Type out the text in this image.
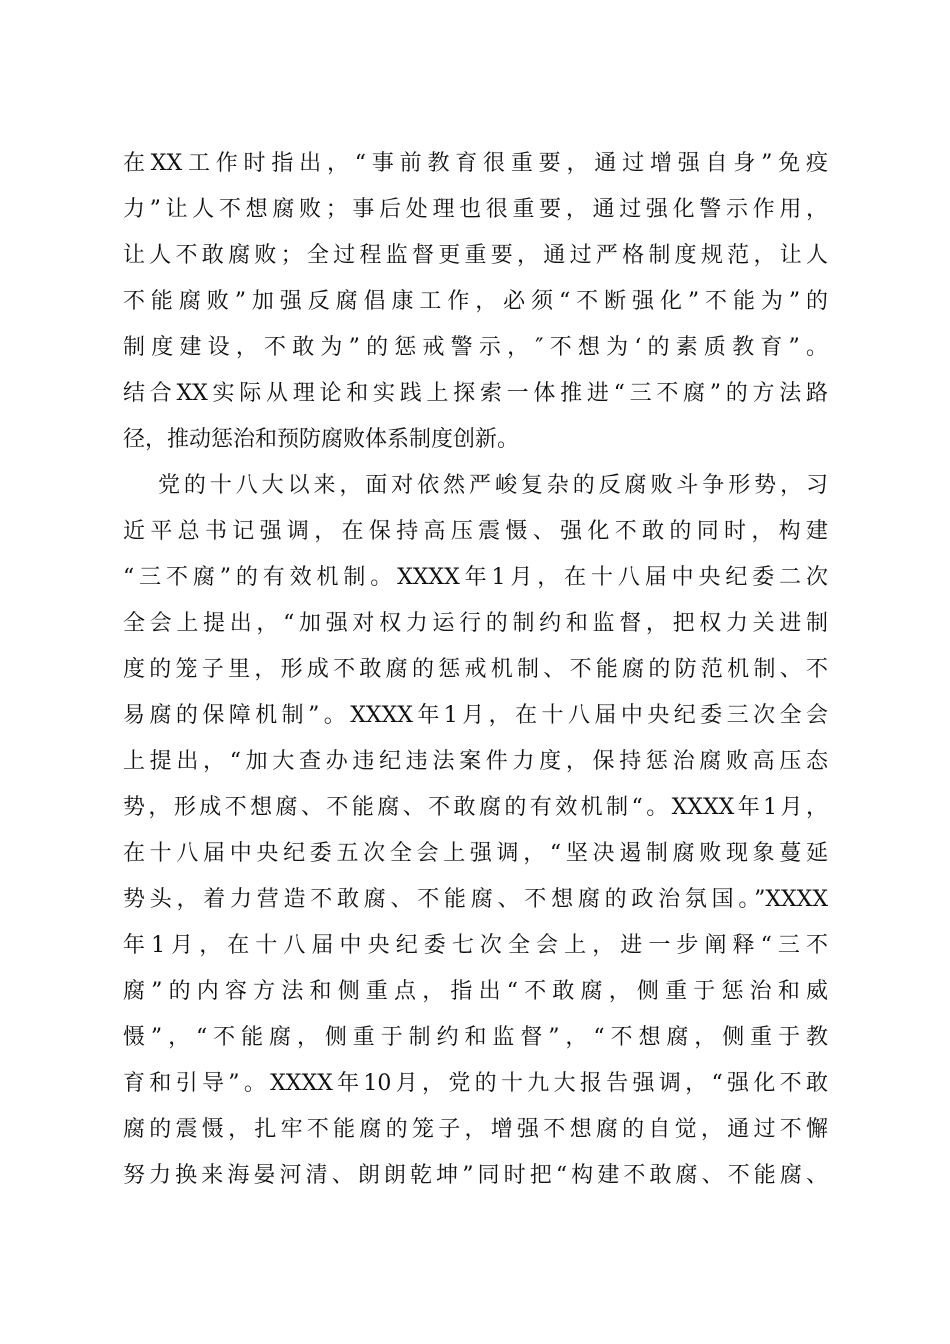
在XX工作时指出，“事前教育很重要，通过增强自身”免疫
力”让人不想腐败；事后处理也很重要，通过强化警示作用，
让人不敢腐败；全过程监督更重要，通过严格制度规范，让人
不能腐败”加强反腐倡康工作，必须“不断强化”不能为”的
制度建设，不敢为”的惩戒警示，″不想为‘的素质教育”。
结合XX实际从理论和实践上探索一体推进“三不腐”的方法路
径，推动惩治和预防腐败体系制度创新。
党的十八大以来，面对依然严峻复杂的反腐败斗争形势，习
近平总书记强调，在保持高压震慑、强化不敢的同时，构建
“三不腐”的有效机制。XXXX年1月，在十八届中央纪委二次
全会上提出，“加强对权力运行的制约和监督，把权力关进制
度的笼子里，形成不敢腐的惩戒机制、不能腐的防范机制、不
易腐的保障机制”。XXXX年1月，在十八届中央纪委三次全会
上提出，“加大查办违纪违法案件力度，保持惩治腐败高压态
势，形成不想腐、不能腐、不敢腐的有效机制“。XXXX年1月，
在十八届中央纪委五次全会上强调，“坚决遏制腐败现象蔓延
势头，着力营造不敢腐、不能腐、不想腐的政治氛国。”XXXX
年1月，在十八届中央纪委七次全会上，进一步阐释“三不
腐”的内容方法和侧重点，指出“不敢腐，侧重于惩治和威
慑”，“不能腐，侧重于制约和监督”，“不想腐，侧重于教
育和引导”。XXXX年10月，党的十九大报告强调，“强化不敢
腐的震慑，扎牢不能腐的笼子，增强不想腐的自觉，通过不懈
努力换来海晏河清、朗朗乾坤”同时把“构建不敢腐、不能腐、
